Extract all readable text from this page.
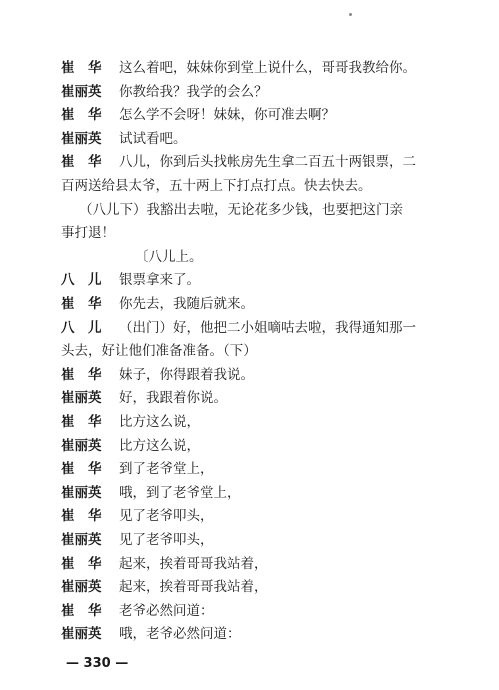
崔　华	这么着吧，妹妹你到堂上说什么，哥哥我教给你。
崔丽英	你教给我？我学的会么？
崔　华	怎么学不会呀！妹妹，你可准去啊？
崔丽英	试试看吧。
崔　华	八儿，你到后头找帐房先生拿二百五十两银票，二
百两送给县太爷，五十两上下打点打点。快去快去。
（八儿下）我豁出去啦，无论花多少钱，也要把这门亲
事打退！
〔八儿上。
八　儿	银票拿来了。
崔　华	你先去，我随后就来。
八　儿	（出门）好，他把二小姐嘀咕去啦，我得通知那一
头去，好让他们准备准备。（下）
崔　华	妹子，你得跟着我说。
崔丽英	好，我跟着你说。
崔　华	比方这么说，
崔丽英	比方这么说，
崔　华	到了老爷堂上，
崔丽英	哦，到了老爷堂上，
崔　华	见了老爷叩头，
崔丽英	见了老爷叩头，
崔　华	起来，挨着哥哥我站着，
崔丽英	起来，挨着哥哥我站着，
崔　华	老爷必然问道：
崔丽英	哦，老爷必然问道：
— 330 —
